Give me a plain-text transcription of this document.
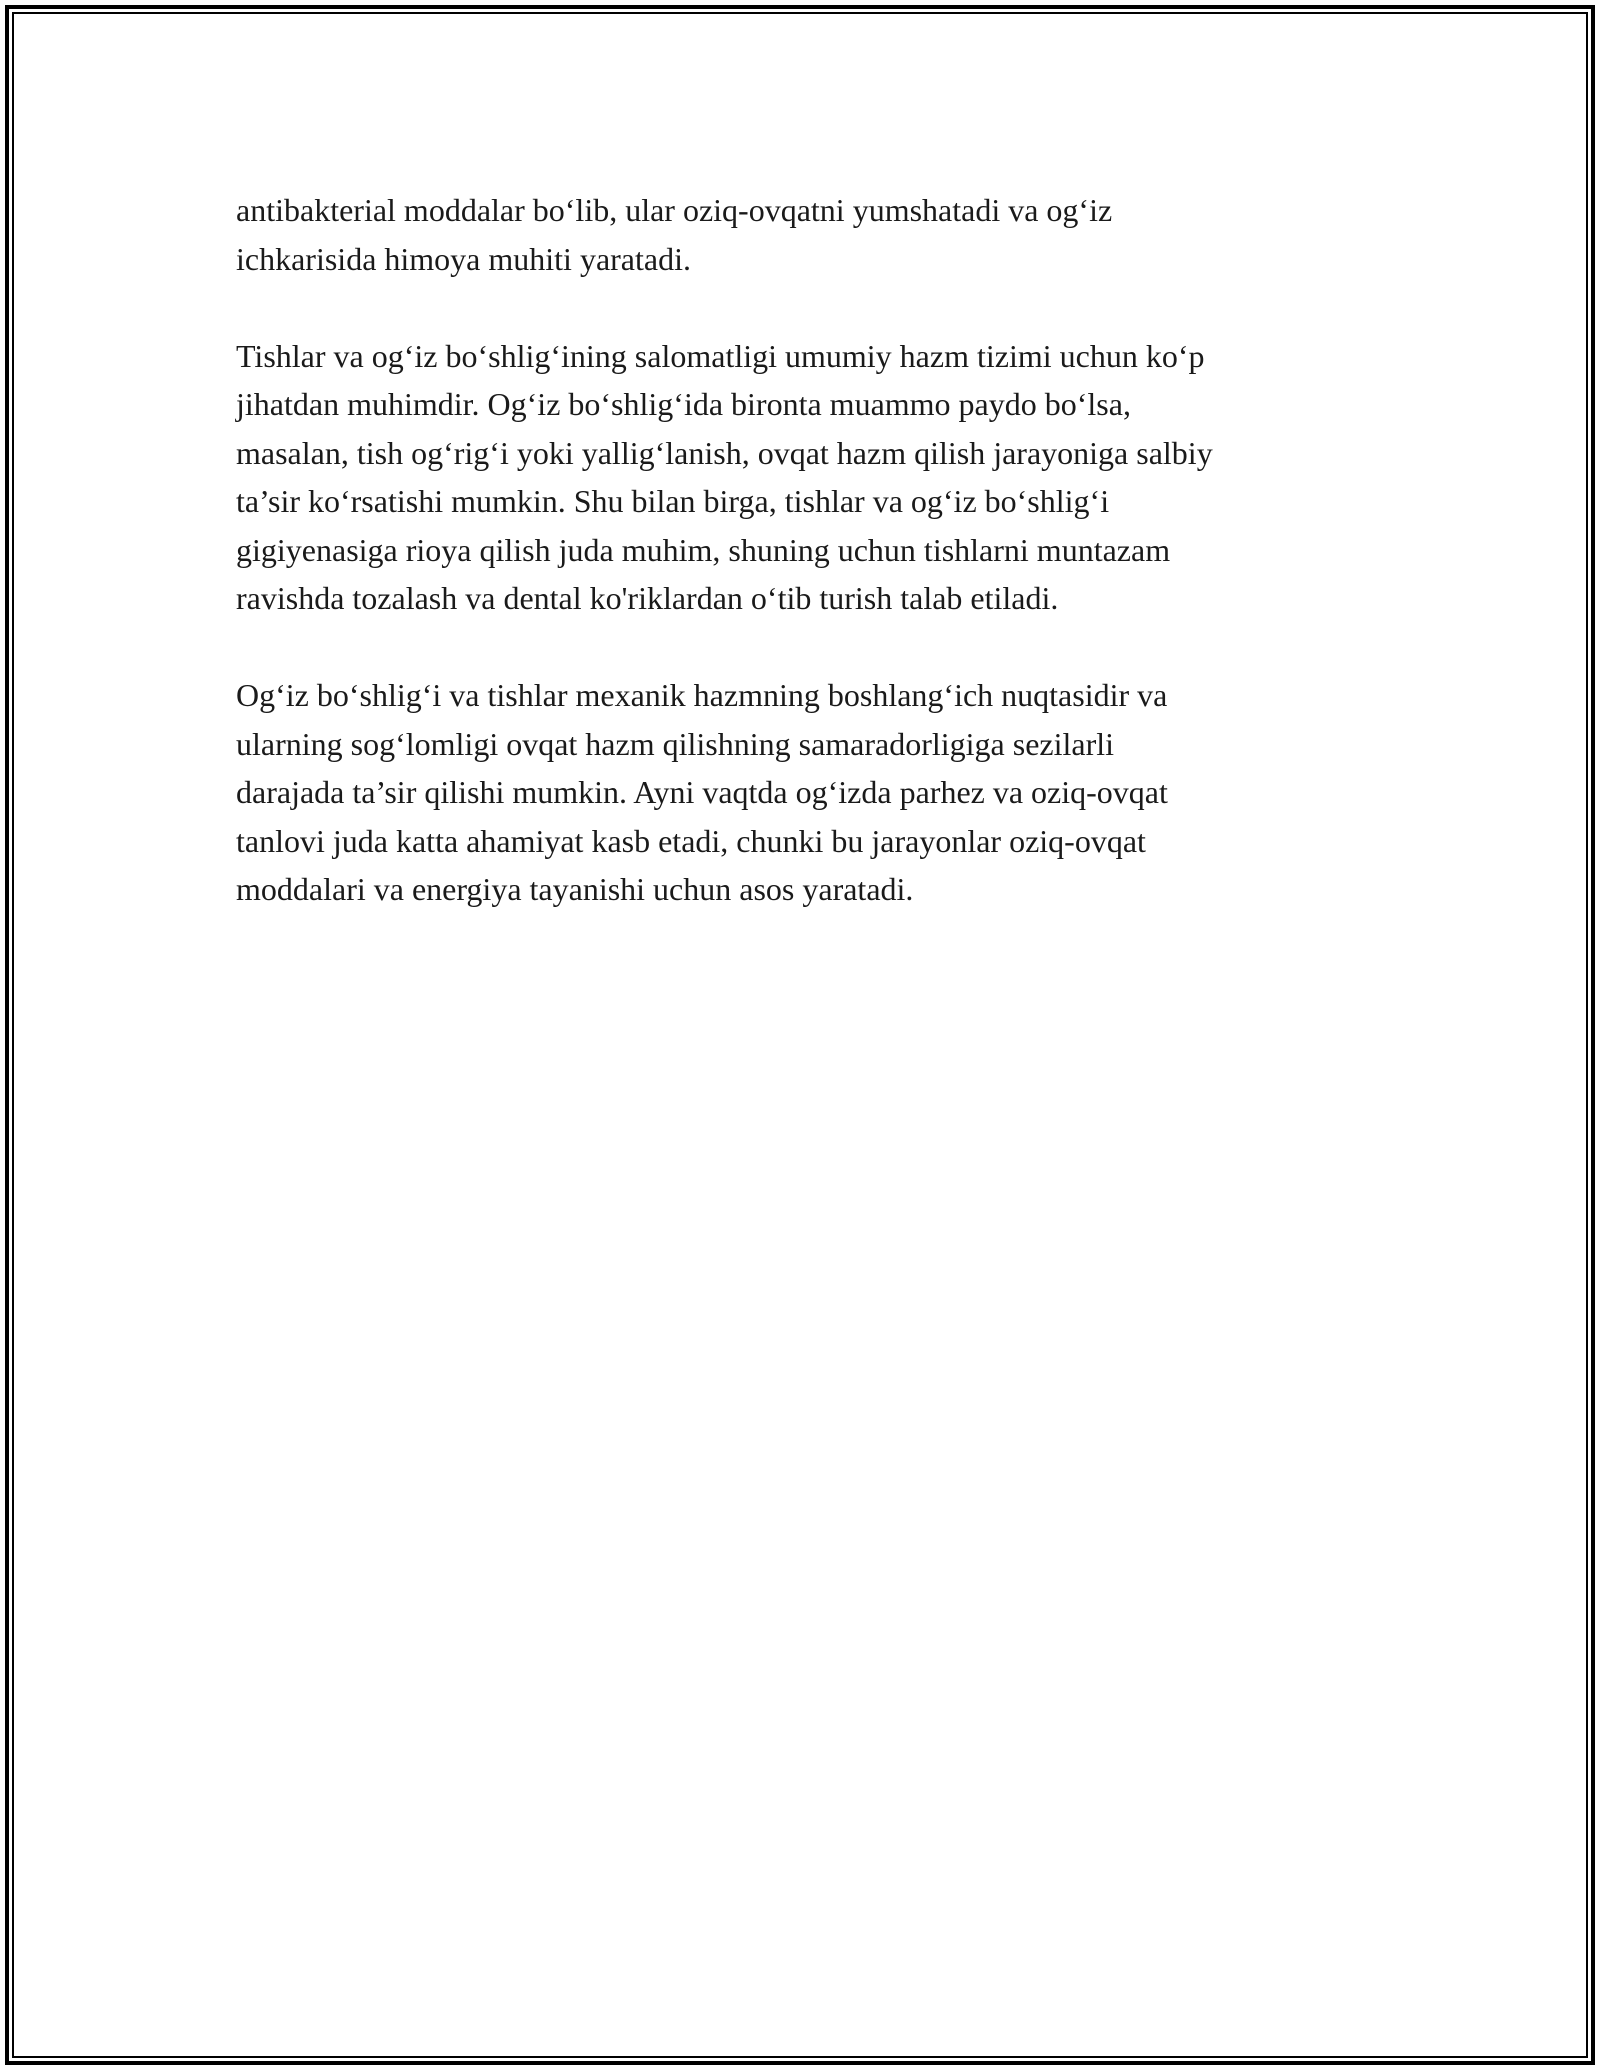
antibakterial moddalar bo‘lib, ular oziq-ovqatni yumshatadi va og‘iz
ichkarisida himoya muhiti yaratadi.

Tishlar va og‘iz bo‘shlig‘ining salomatligi umumiy hazm tizimi uchun ko‘p
jihatdan muhimdir. Og‘iz bo‘shlig‘ida bironta muammo paydo bo‘lsa,
masalan, tish og‘rig‘i yoki yallig‘lanish, ovqat hazm qilish jarayoniga salbiy
ta’sir ko‘rsatishi mumkin. Shu bilan birga, tishlar va og‘iz bo‘shlig‘i
gigiyenasiga rioya qilish juda muhim, shuning uchun tishlarni muntazam
ravishda tozalash va dental ko'riklardan o‘tib turish talab etiladi.

Og‘iz bo‘shlig‘i va tishlar mexanik hazmning boshlang‘ich nuqtasidir va
ularning sog‘lomligi ovqat hazm qilishning samaradorligiga sezilarli
darajada ta’sir qilishi mumkin. Ayni vaqtda og‘izda parhez va oziq-ovqat
tanlovi juda katta ahamiyat kasb etadi, chunki bu jarayonlar oziq-ovqat
moddalari va energiya tayanishi uchun asos yaratadi.
